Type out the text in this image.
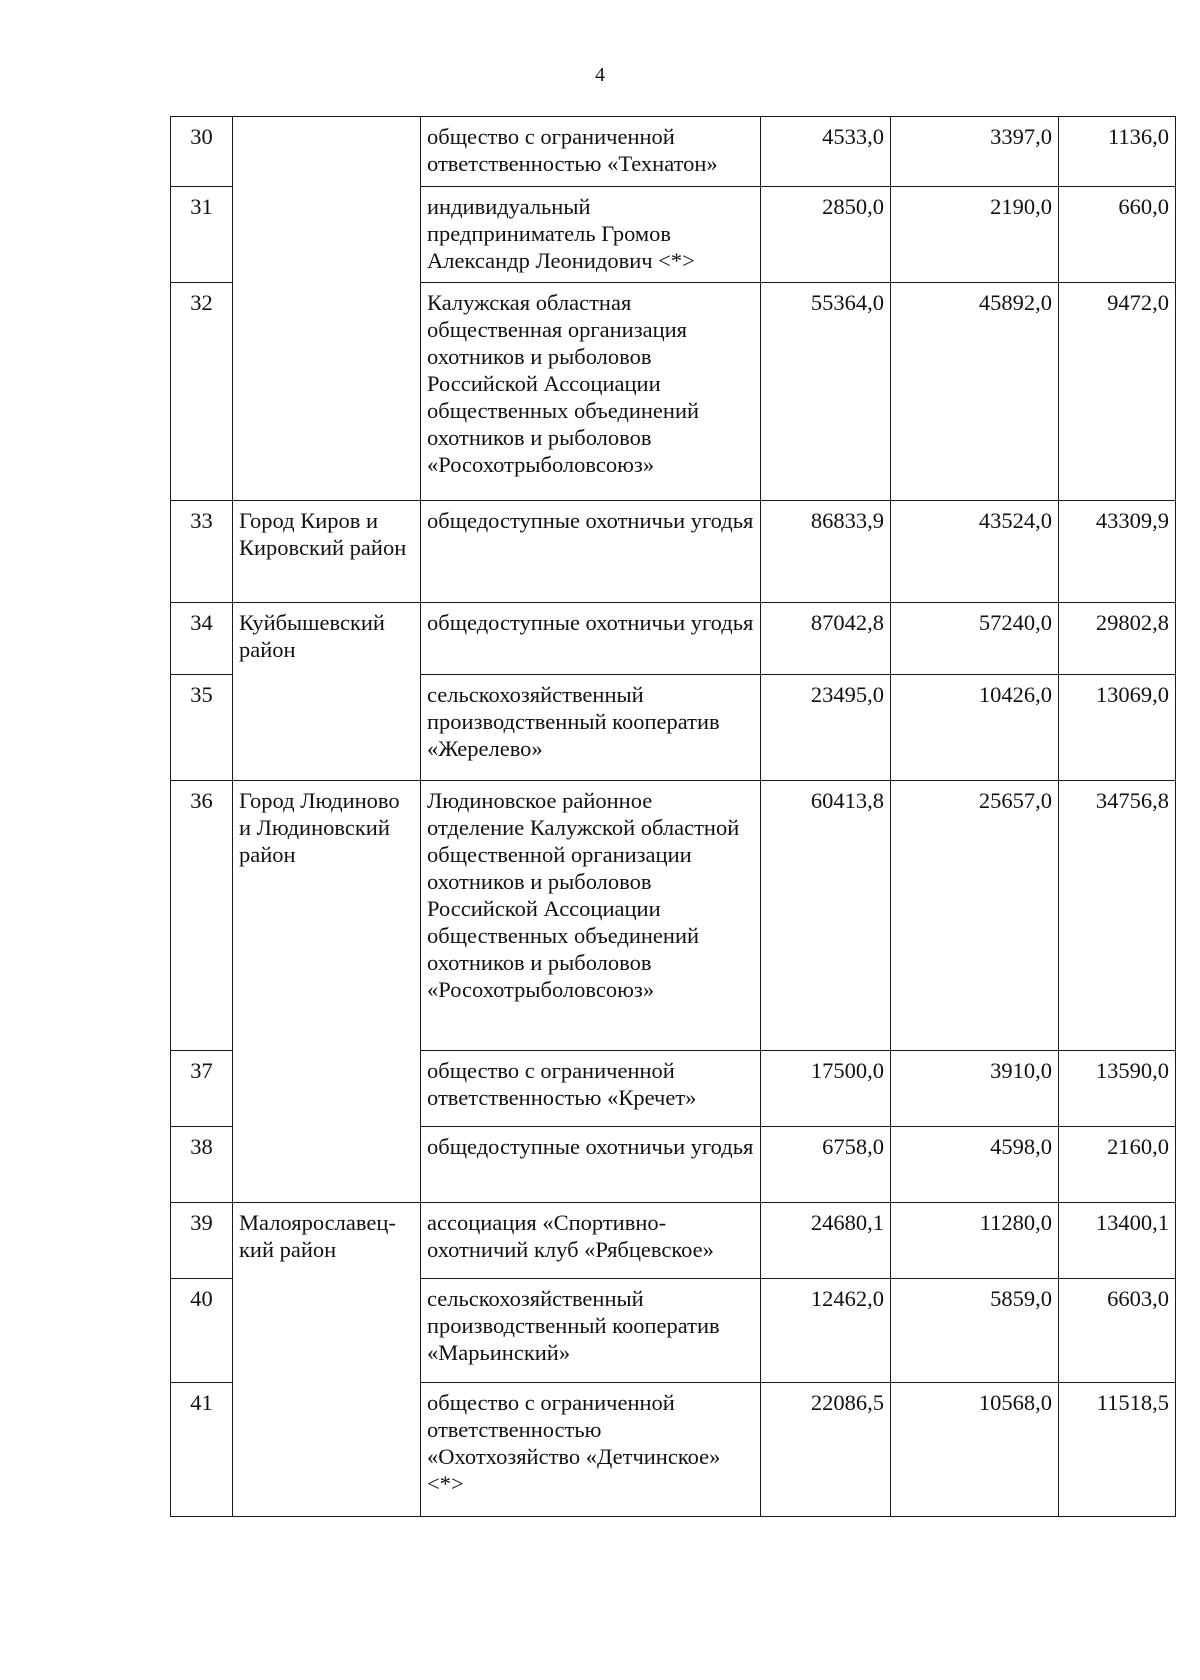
4
30		общество с ограниченной ответственностью «Технатон»	4533,0	3397,0	1136,0
31		индивидуальный предприниматель Громов Александр Леонидович <*>	2850,0	2190,0	660,0
32		Калужская областная общественная организация охотников и рыболовов Российской Ассоциации общественных объединений охотников и рыболовов «Росохотрыболовсоюз»	55364,0	45892,0	9472,0
33	Город Киров и Кировский район	общедоступные охотничьи угодья	86833,9	43524,0	43309,9
34	Куйбышевский район	общедоступные охотничьи угодья	87042,8	57240,0	29802,8
35		сельскохозяйственный производственный кооператив «Жерелево»	23495,0	10426,0	13069,0
36	Город Людиново и Людиновский район	Людиновское районное отделение Калужской областной общественной организации охотников и рыболовов Российской Ассоциации общественных объединений охотников и рыболовов «Росохотрыболовсоюз»	60413,8	25657,0	34756,8
37		общество с ограниченной ответственностью «Кречет»	17500,0	3910,0	13590,0
38		общедоступные охотничьи угодья	6758,0	4598,0	2160,0
39	Малоярославец-кий район	ассоциация «Спортивно-охотничий клуб «Рябцевское»	24680,1	11280,0	13400,1
40		сельскохозяйственный производственный кооператив «Марьинский»	12462,0	5859,0	6603,0
41		общество с ограниченной ответственностью «Охотхозяйство «Детчинское» <*>	22086,5	10568,0	11518,5
